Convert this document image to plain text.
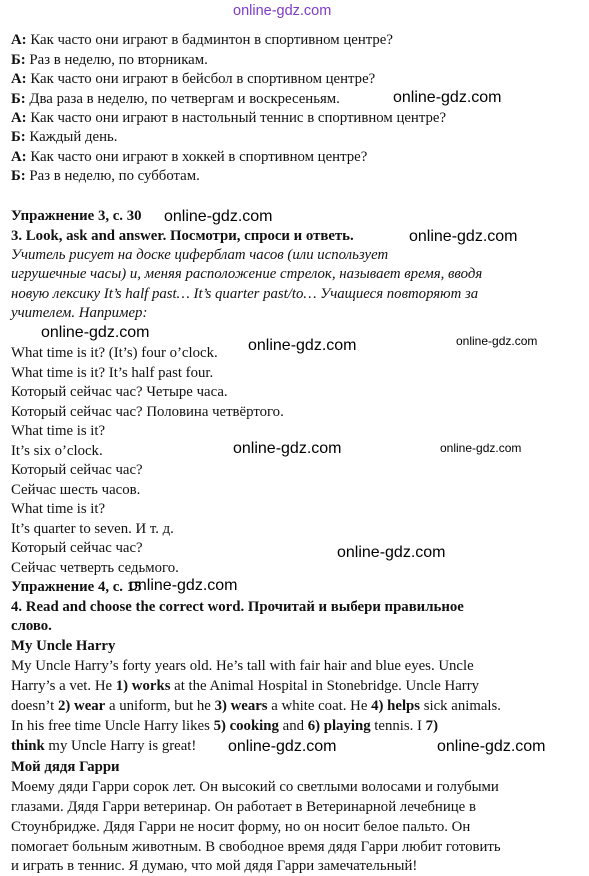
online-gdz.com
А: Как часто они играют в бадминтон в спортивном центре?
Б: Раз в неделю, по вторникам.
А: Как часто они играют в бейсбол в спортивном центре?
Б: Два раза в неделю, по четвергам и воскресеньям.
А: Как часто они играют в настольный теннис в спортивном центре?
Б: Каждый день.
А: Как часто они играют в хоккей в спортивном центре?
Б: Раз в неделю, по субботам.
Упражнение 3, с. 30
3. Look, ask and answer. Посмотри, спроси и ответь.
Учитель рисует на доске циферблат часов (или использует
игрушечные часы) и, меняя расположение стрелок, называет время, вводя
новую лексику It’s half past… It’s quarter past/to… Учащиеся повторяют за
учителем. Например:
What time is it? (It’s) four o’clock.
What time is it? It’s half past four.
Который сейчас час? Четыре часа.
Который сейчас час? Половина четвёртого.
What time is it?
It’s six o’clock.
Который сейчас час?
Сейчас шесть часов.
What time is it?
It’s quarter to seven. И т. д.
Который сейчас час?
Сейчас четверть седьмого.
Упражнение 4, с. 15
4. Read and choose the correct word. Прочитай и выбери правильное
слово.
My Uncle Harry
My Uncle Harry’s forty years old. He’s tall with fair hair and blue eyes. Uncle
Harry’s a vet. He 1) works at the Animal Hospital in Stonebridge. Uncle Harry
doesn’t 2) wear a uniform, but he 3) wears a white coat. He 4) helps sick animals.
In his free time Uncle Harry likes 5) cooking and 6) playing tennis. I 7)
think my Uncle Harry is great!
Мой дядя Гарри
Моему дяди Гарри сорок лет. Он высокий со светлыми волосами и голубыми
глазами. Дядя Гарри ветеринар. Он работает в Ветеринарной лечебнице в
Стоунбридже. Дядя Гарри не носит форму, но он носит белое пальто. Он
помогает больным животным. В свободное время дядя Гарри любит готовить
и играть в теннис. Я думаю, что мой дядя Гарри замечательный!
online-gdz.com
online-gdz.com
online-gdz.com
online-gdz.com
online-gdz.com	online-gdz.com
online-gdz.com	online-gdz.com
online-gdz.com
online-gdz.com
online-gdz.com	online-gdz.com
